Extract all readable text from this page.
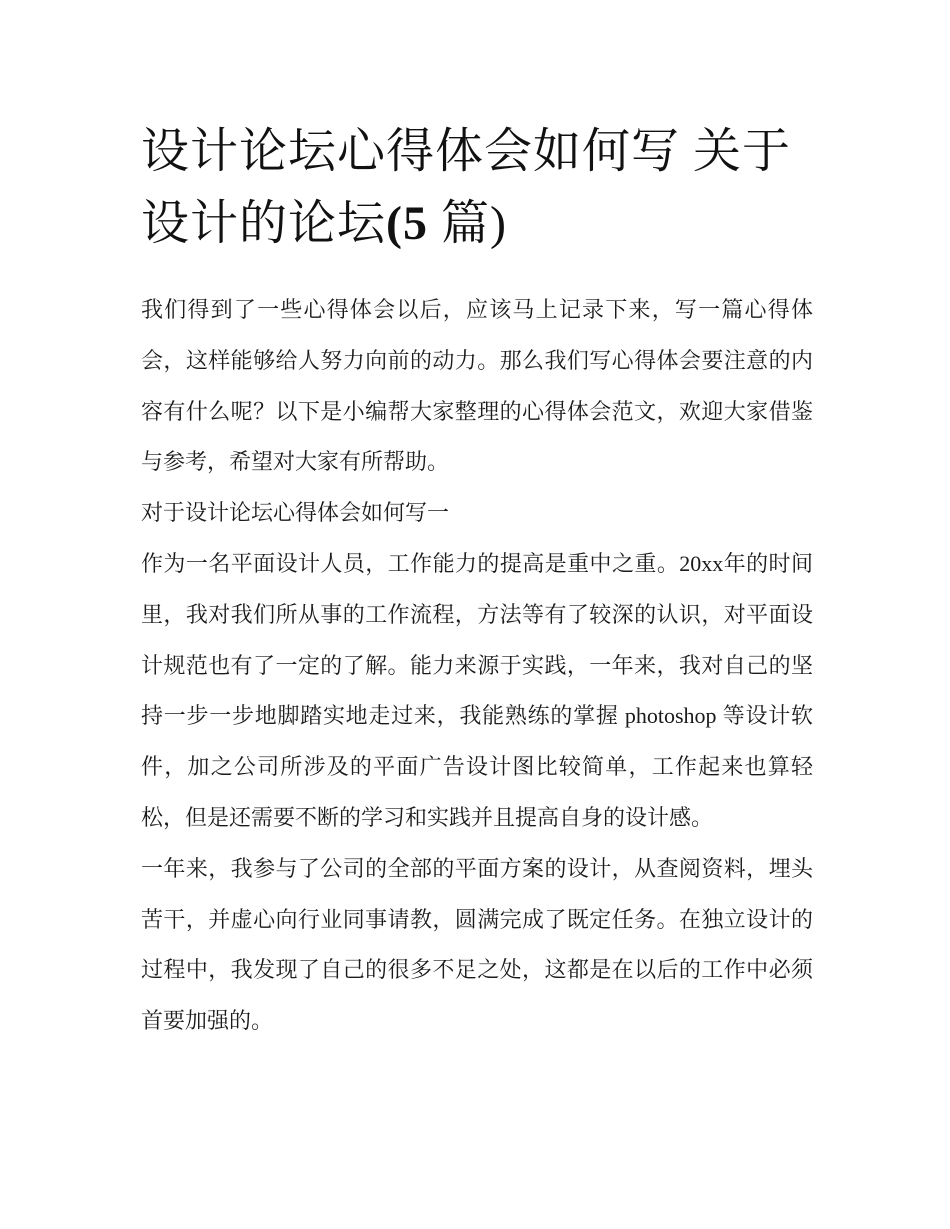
设计论坛心得体会如何写 关于设计的论坛(5 篇)

我们得到了一些心得体会以后，应该马上记录下来，写一篇心得体会，这样能够给人努力向前的动力。那么我们写心得体会要注意的内容有什么呢？以下是小编帮大家整理的心得体会范文，欢迎大家借鉴与参考，希望对大家有所帮助。

对于设计论坛心得体会如何写一

作为一名平面设计人员，工作能力的提高是重中之重。20xx年的时间里，我对我们所从事的工作流程，方法等有了较深的认识，对平面设计规范也有了一定的了解。能力来源于实践，一年来，我对自己的坚持一步一步地脚踏实地走过来，我能熟练的掌握 photoshop 等设计软件，加之公司所涉及的平面广告设计图比较简单，工作起来也算轻松，但是还需要不断的学习和实践并且提高自身的设计感。

一年来，我参与了公司的全部的平面方案的设计，从查阅资料，埋头苦干，并虚心向行业同事请教，圆满完成了既定任务。在独立设计的过程中，我发现了自己的很多不足之处，这都是在以后的工作中必须首要加强的。
